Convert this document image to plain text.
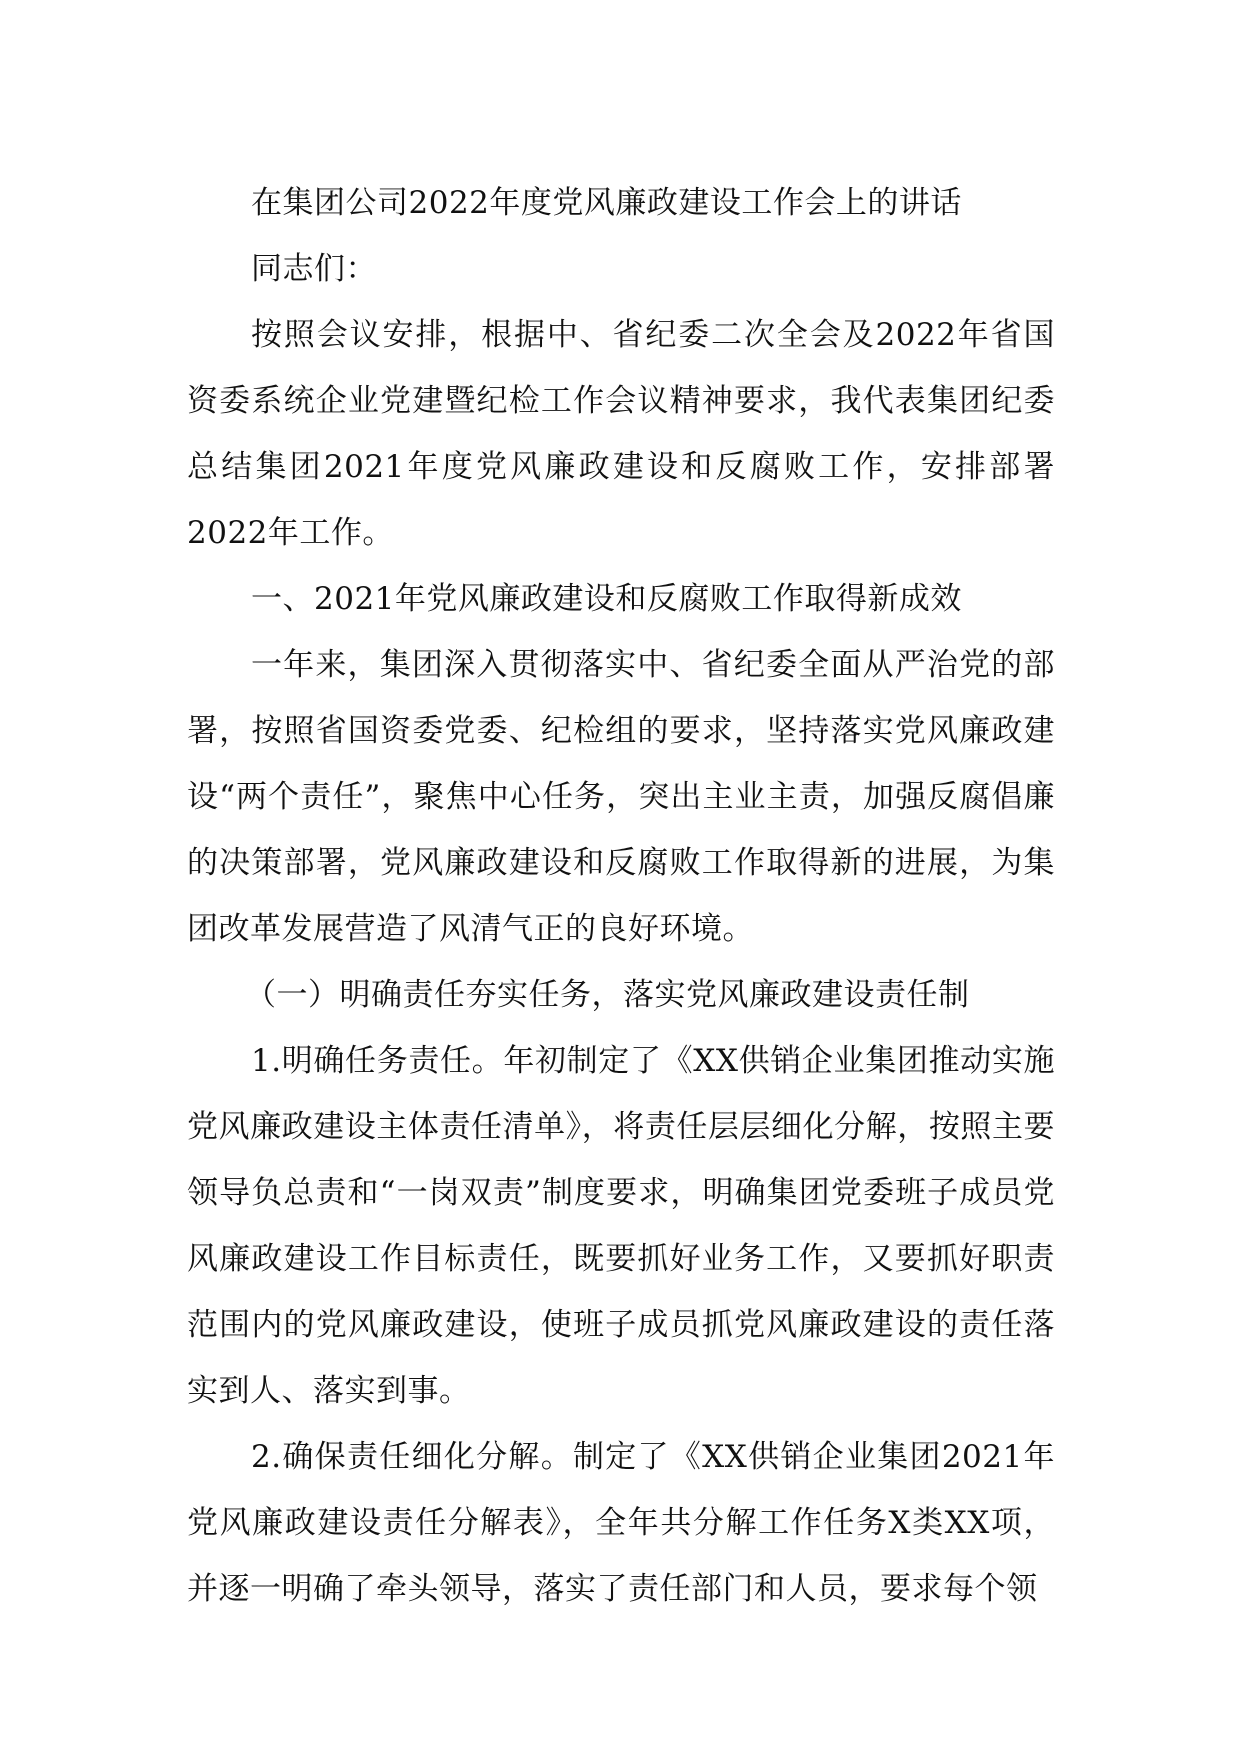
在集团公司2022年度党风廉政建设工作会上的讲话

同志们：

按照会议安排，根据中、省纪委二次全会及2022年省国资委系统企业党建暨纪检工作会议精神要求，我代表集团纪委总结集团2021年度党风廉政建设和反腐败工作，安排部署2022年工作。

一、2021年党风廉政建设和反腐败工作取得新成效

一年来，集团深入贯彻落实中、省纪委全面从严治党的部署，按照省国资委党委、纪检组的要求，坚持落实党风廉政建设“两个责任”，聚焦中心任务，突出主业主责，加强反腐倡廉的决策部署，党风廉政建设和反腐败工作取得新的进展，为集团改革发展营造了风清气正的良好环境。

（一）明确责任夯实任务，落实党风廉政建设责任制

1.明确任务责任。年初制定了《XX供销企业集团推动实施党风廉政建设主体责任清单》，将责任层层细化分解，按照主要领导负总责和“一岗双责”制度要求，明确集团党委班子成员党风廉政建设工作目标责任，既要抓好业务工作，又要抓好职责范围内的党风廉政建设，使班子成员抓党风廉政建设的责任落实到人、落实到事。

2.确保责任细化分解。制定了《XX供销企业集团2021年党风廉政建设责任分解表》，全年共分解工作任务X类XX项，并逐一明确了牵头领导，落实了责任部门和人员，要求每个领
